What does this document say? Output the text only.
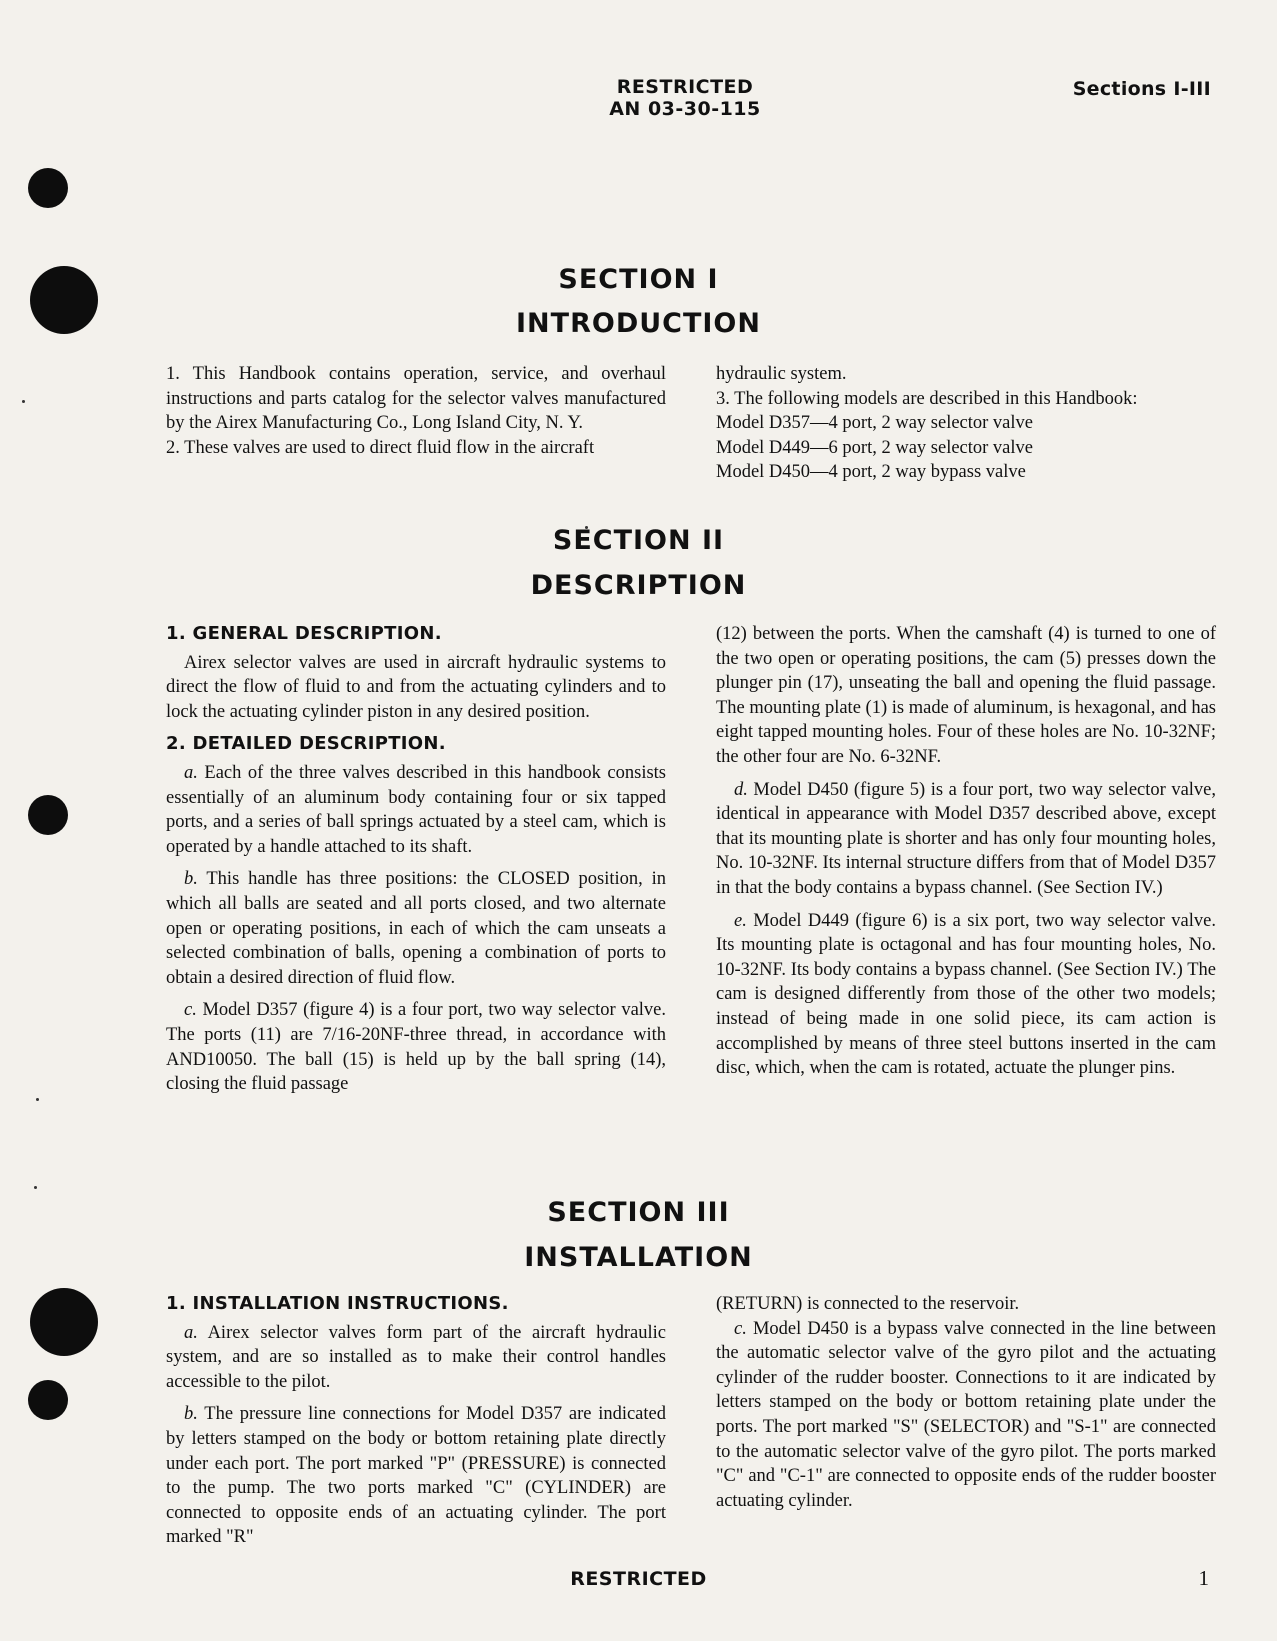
RESTRICTED
AN 03-30-115
Sections I-III
SECTION I
INTRODUCTION

1. This Handbook contains operation, service, and overhaul instructions and parts catalog for the selector valves manufactured by the Airex Manufacturing Co., Long Island City, N. Y.

2. These valves are used to direct fluid flow in the aircraft

hydraulic system.

3. The following models are described in this Handbook:

Model D357—4 port, 2 way selector valve

Model D449—6 port, 2 way selector valve

Model D450—4 port, 2 way bypass valve

SECTION II
DESCRIPTION

1. GENERAL DESCRIPTION.

Airex selector valves are used in aircraft hydraulic systems to direct the flow of fluid to and from the actuating cylinders and to lock the actuating cylinder piston in any desired position.

2. DETAILED DESCRIPTION.

a. Each of the three valves described in this handbook consists essentially of an aluminum body containing four or six tapped ports, and a series of ball springs actuated by a steel cam, which is operated by a handle attached to its shaft.

b. This handle has three positions: the CLOSED position, in which all balls are seated and all ports closed, and two alternate open or operating positions, in each of which the cam unseats a selected combination of balls, opening a combination of ports to obtain a desired direction of fluid flow.

c. Model D357 (figure 4) is a four port, two way selector valve. The ports (11) are 7/16-20NF-three thread, in accordance with AND10050. The ball (15) is held up by the ball spring (14), closing the fluid passage

(12) between the ports. When the camshaft (4) is turned to one of the two open or operating positions, the cam (5) presses down the plunger pin (17), unseating the ball and opening the fluid passage. The mounting plate (1) is made of aluminum, is hexagonal, and has eight tapped mounting holes. Four of these holes are No. 10-32NF; the other four are No. 6-32NF.

d. Model D450 (figure 5) is a four port, two way selector valve, identical in appearance with Model D357 described above, except that its mounting plate is shorter and has only four mounting holes, No. 10-32NF. Its internal structure differs from that of Model D357 in that the body contains a bypass channel. (See Section IV.)

e. Model D449 (figure 6) is a six port, two way selector valve. Its mounting plate is octagonal and has four mounting holes, No. 10-32NF. Its body contains a bypass channel. (See Section IV.) The cam is designed differently from those of the other two models; instead of being made in one solid piece, its cam action is accomplished by means of three steel buttons inserted in the cam disc, which, when the cam is rotated, actuate the plunger pins.

SECTION III
INSTALLATION

1. INSTALLATION INSTRUCTIONS.

a. Airex selector valves form part of the aircraft hydraulic system, and are so installed as to make their control handles accessible to the pilot.

b. The pressure line connections for Model D357 are indicated by letters stamped on the body or bottom retaining plate directly under each port. The port marked "P" (PRESSURE) is connected to the pump. The two ports marked "C" (CYLINDER) are connected to opposite ends of an actuating cylinder. The port marked "R"

(RETURN) is connected to the reservoir.

c. Model D450 is a bypass valve connected in the line between the automatic selector valve of the gyro pilot and the actuating cylinder of the rudder booster. Connections to it are indicated by letters stamped on the body or bottom retaining plate under the ports. The port marked "S" (SELECTOR) and "S-1" are connected to the automatic selector valve of the gyro pilot. The ports marked "C" and "C-1" are connected to opposite ends of the rudder booster actuating cylinder.

RESTRICTED	1
